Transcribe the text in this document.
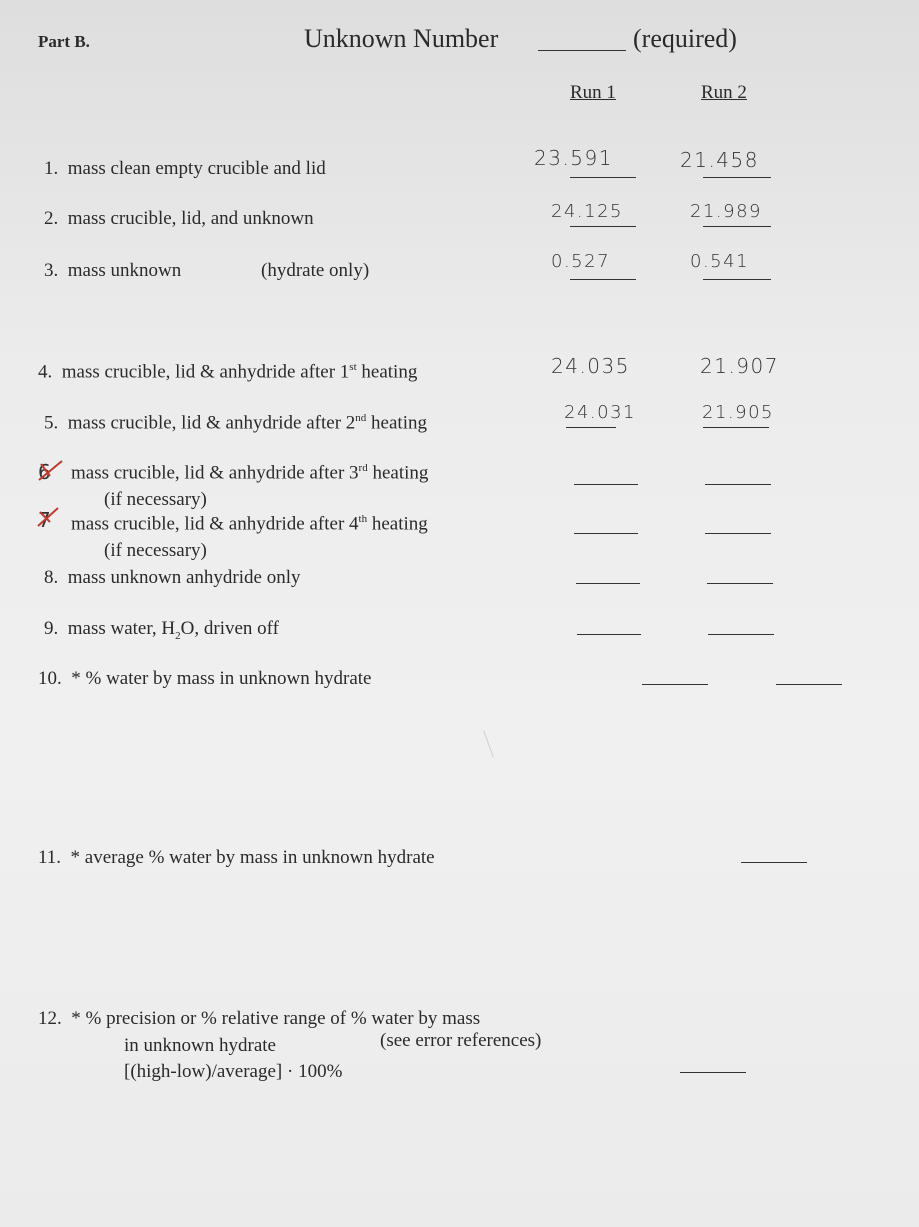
Part B.	Unknown Number	(required)
Run 1	Run 2
1. mass clean empty crucible and lid	23.591	21.458
2. mass crucible, lid, and unknown	24.125	21.989
3. mass unknown	(hydrate only)	0.527	0.541
4. mass crucible, lid & anhydride after 1st heating	24.035	21.907
5. mass crucible, lid & anhydride after 2nd heating	24.031	21.905
6 mass crucible, lid & anhydride after 3rd heating
(if necessary)
7 mass crucible, lid & anhydride after 4th heating
(if necessary)
8. mass unknown anhydride only
9. mass water, $H_2O$, driven off
10. * % water by mass in unknown hydrate
11. * average % water by mass in unknown hydrate
12. * % precision or % relative range of % water by mass
in unknown hydrate	(see error references)
[(high-low)/average] · 100%
